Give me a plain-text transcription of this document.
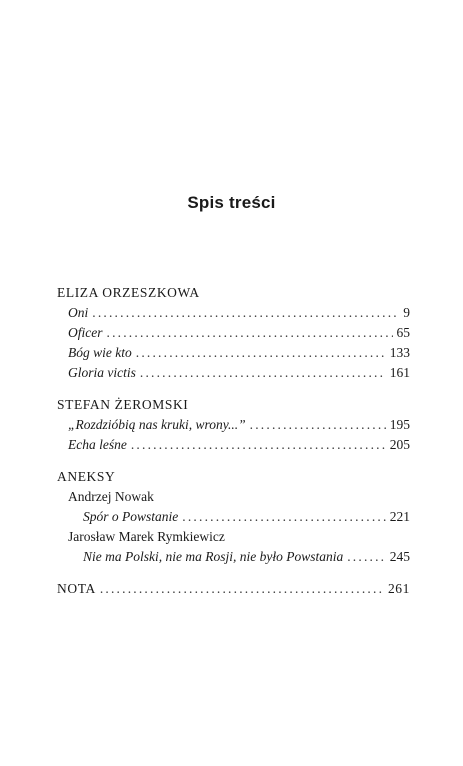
Spis treści
ELIZA ORZESZKOWA
Oni .....	9
Oficer .....	65
Bóg wie kto .....	133
Gloria victis .....	161
STEFAN ŻEROMSKI
„Rozdzióbią nas kruki, wrony...” .....	195
Echa leśne .....	205
ANEKSY
Andrzej Nowak
Spór o Powstanie .....	221
Jarosław Marek Rymkiewicz
Nie ma Polski, nie ma Rosji, nie było Powstania .....	245
NOTA .....	261
